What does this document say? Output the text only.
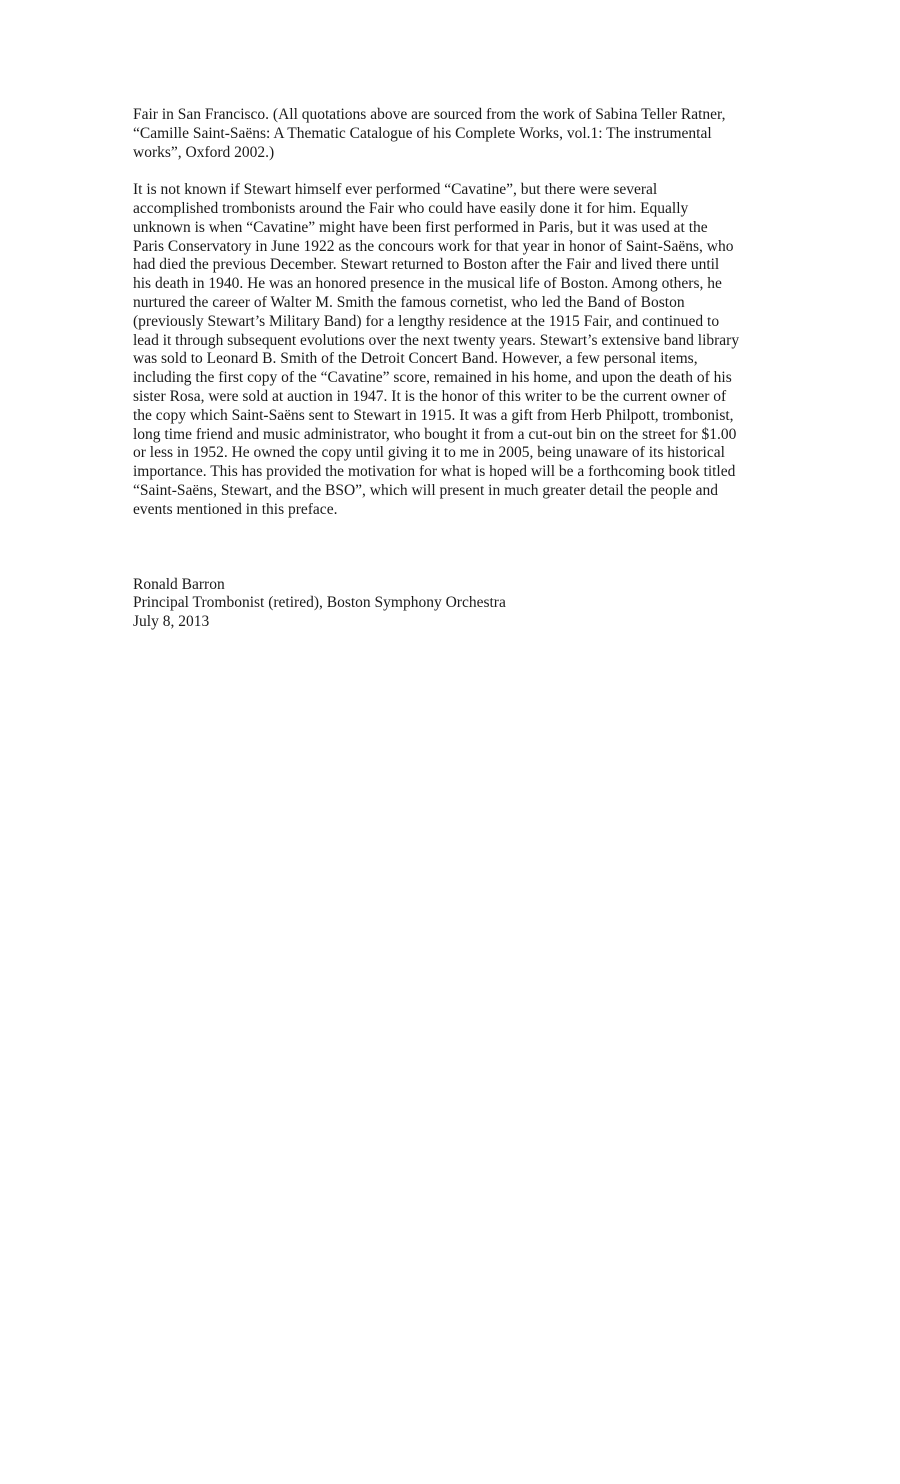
Fair in San Francisco. (All quotations above are sourced from the work of Sabina Teller Ratner,
“Camille Saint-Saëns: A Thematic Catalogue of his Complete Works, vol.1: The instrumental
works”, Oxford 2002.)

It is not known if Stewart himself ever performed “Cavatine”, but there were several
accomplished trombonists around the Fair who could have easily done it for him. Equally
unknown is when “Cavatine” might have been first performed in Paris, but it was used at the
Paris Conservatory in June 1922 as the concours work for that year in honor of Saint-Saëns, who
had died the previous December. Stewart returned to Boston after the Fair and lived there until
his death in 1940. He was an honored presence in the musical life of Boston. Among others, he
nurtured the career of Walter M. Smith the famous cornetist, who led the Band of Boston
(previously Stewart’s Military Band) for a lengthy residence at the 1915 Fair, and continued to
lead it through subsequent evolutions over the next twenty years. Stewart’s extensive band library
was sold to Leonard B. Smith of the Detroit Concert Band. However, a few personal items,
including the first copy of the “Cavatine” score, remained in his home, and upon the death of his
sister Rosa, were sold at auction in 1947. It is the honor of this writer to be the current owner of
the copy which Saint-Saëns sent to Stewart in 1915. It was a gift from Herb Philpott, trombonist,
long time friend and music administrator, who bought it from a cut-out bin on the street for $1.00
or less in 1952. He owned the copy until giving it to me in 2005, being unaware of its historical
importance. This has provided the motivation for what is hoped will be a forthcoming book titled
“Saint-Saëns, Stewart, and the BSO”, which will present in much greater detail the people and
events mentioned in this preface.

Ronald Barron
Principal Trombonist (retired), Boston Symphony Orchestra
July 8, 2013
